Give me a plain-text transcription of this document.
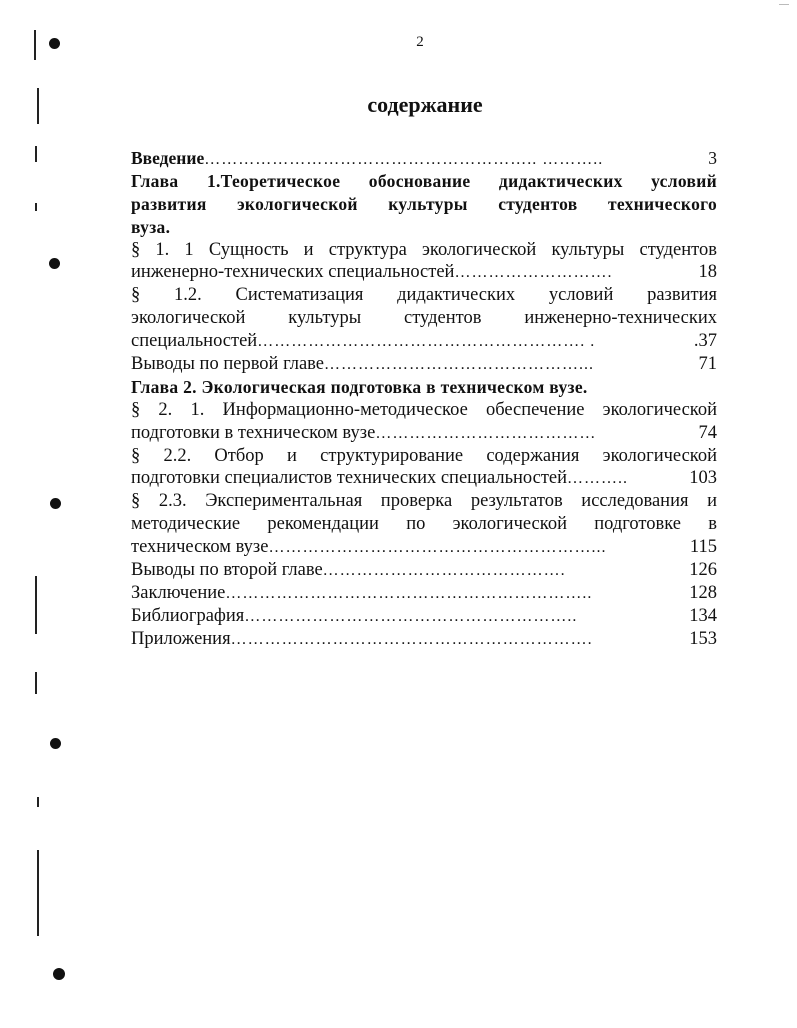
2
содержание
Введение ………………………………………………….. ………..	3
Глава 1.Теоретическое обоснование дидактических условий
развития экологической культуры студентов технического
вуза.
§ 1. 1 Сущность и структура экологической культуры студентов
инженерно-технических специальностей ……………………….	18
§ 1.2. Систематизация дидактических условий развития
экологической культуры студентов инженерно-технических
специальностей …………………………………………………. .	.37
Выводы по первой главе ………………………………………...	71
Глава 2. Экологическая подготовка в техническом вузе.
§ 2. 1. Информационно-методическое обеспечение экологической
подготовки в техническом вузе …………………………………	74
§ 2.2. Отбор и структурирование содержания экологической
подготовки специалистов технических специальностей ………..	103
§ 2.3. Экспериментальная проверка результатов исследования и
методические рекомендации по экологической подготовке в
техническом вузе …………………………………………………...	115
Выводы по второй главе …………………………………….	126
Заключение ………………………………………………………..	128
Библиография …………………………………………………..	134
Приложения ……………………………………………………….	153
